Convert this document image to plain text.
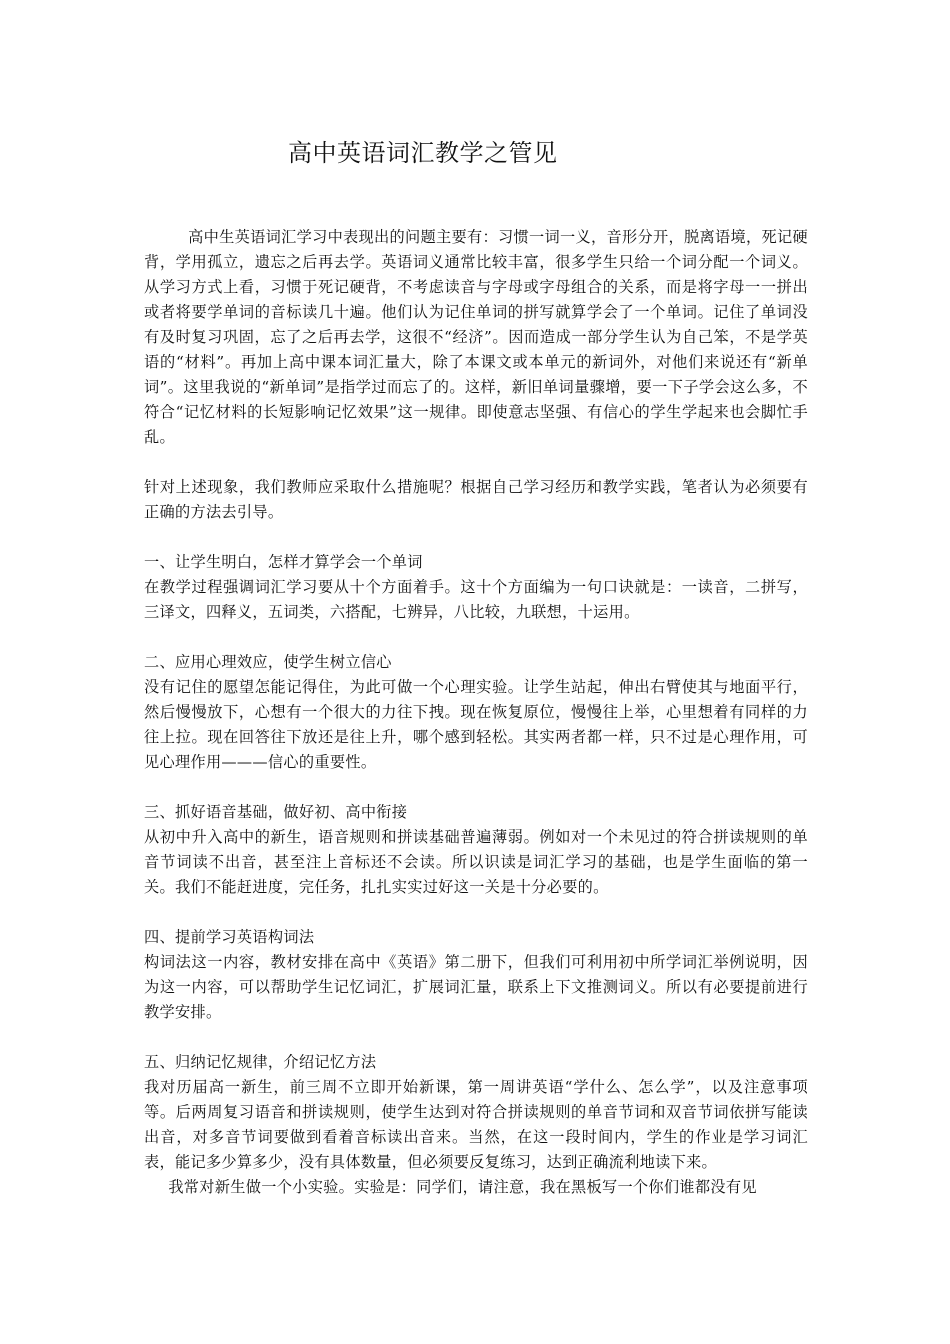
高中英语词汇教学之管见

高中生英语词汇学习中表现出的问题主要有：习惯一词一义，音形分开，脱离语境，死记硬背，学用孤立，遗忘之后再去学。英语词义通常比较丰富，很多学生只给一个词分配一个词义。从学习方式上看，习惯于死记硬背，不考虑读音与字母或字母组合的关系，而是将字母一一拼出或者将要学单词的音标读几十遍。他们认为记住单词的拼写就算学会了一个单词。记住了单词没有及时复习巩固，忘了之后再去学，这很不“经济”。因而造成一部分学生认为自己笨，不是学英语的“材料”。再加上高中课本词汇量大，除了本课文或本单元的新词外，对他们来说还有“新单词”。这里我说的“新单词”是指学过而忘了的。这样，新旧单词量骤增，要一下子学会这么多，不符合“记忆材料的长短影响记忆效果”这一规律。即使意志坚强、有信心的学生学起来也会脚忙手乱。

针对上述现象，我们教师应采取什么措施呢？根据自己学习经历和教学实践，笔者认为必须要有正确的方法去引导。

一、让学生明白，怎样才算学会一个单词

在教学过程强调词汇学习要从十个方面着手。这十个方面编为一句口诀就是：一读音，二拼写，三译文，四释义，五词类，六搭配，七辨异，八比较，九联想，十运用。

二、应用心理效应，使学生树立信心

没有记住的愿望怎能记得住，为此可做一个心理实验。让学生站起，伸出右臂使其与地面平行，然后慢慢放下，心想有一个很大的力往下拽。现在恢复原位，慢慢往上举，心里想着有同样的力往上拉。现在回答往下放还是往上升，哪个感到轻松。其实两者都一样，只不过是心理作用，可见心理作用———信心的重要性。

三、抓好语音基础，做好初、高中衔接

从初中升入高中的新生，语音规则和拼读基础普遍薄弱。例如对一个未见过的符合拼读规则的单音节词读不出音，甚至注上音标还不会读。所以识读是词汇学习的基础，也是学生面临的第一关。我们不能赶进度，完任务，扎扎实实过好这一关是十分必要的。

四、提前学习英语构词法

构词法这一内容，教材安排在高中《英语》第二册下，但我们可利用初中所学词汇举例说明，因为这一内容，可以帮助学生记忆词汇，扩展词汇量，联系上下文推测词义。所以有必要提前进行教学安排。

五、归纳记忆规律，介绍记忆方法

我对历届高一新生，前三周不立即开始新课，第一周讲英语“学什么、怎么学”，以及注意事项等。后两周复习语音和拼读规则，使学生达到对符合拼读规则的单音节词和双音节词依拼写能读出音，对多音节词要做到看着音标读出音来。当然，在这一段时间内，学生的作业是学习词汇表，能记多少算多少，没有具体数量，但必须要反复练习，达到正确流利地读下来。

我常对新生做一个小实验。实验是：同学们，请注意，我在黑板写一个你们谁都没有见
